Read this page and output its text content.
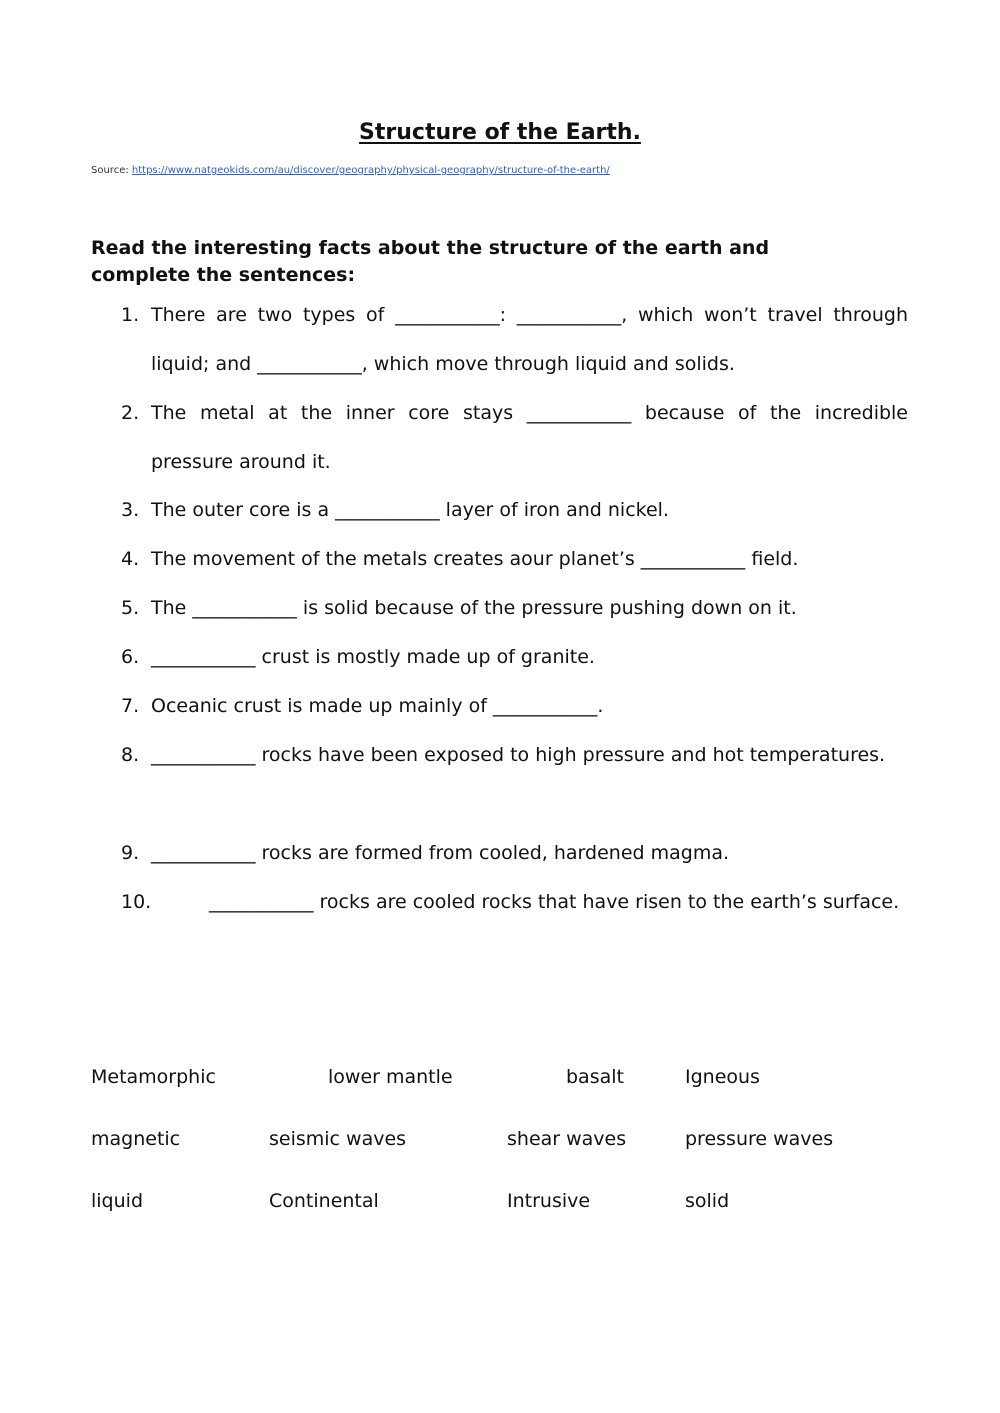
Structure of the Earth.
Source: https://www.natgeokids.com/au/discover/geography/physical-geography/structure-of-the-earth/
Read the interesting facts about the structure of the earth and complete the sentences:
1. There are two types of ___________: ___________, which won’t travel through liquid; and ___________, which move through liquid and solids.
2. The metal at the inner core stays ___________ because of the incredible pressure around it.
3. The outer core is a ___________ layer of iron and nickel.
4. The movement of the metals creates aour planet’s ___________ field.
5. The ___________ is solid because of the pressure pushing down on it.
6. ___________ crust is mostly made up of granite.
7. Oceanic crust is made up mainly of ___________.
8. ___________ rocks have been exposed to high pressure and hot temperatures.
9. ___________ rocks are formed from cooled, hardened magma.
10.	___________ rocks are cooled rocks that have risen to the earth’s surface.
Metamorphic	lower mantle	basalt	Igneous
magnetic	seismic waves	shear waves	pressure waves
liquid	Continental	Intrusive	solid
